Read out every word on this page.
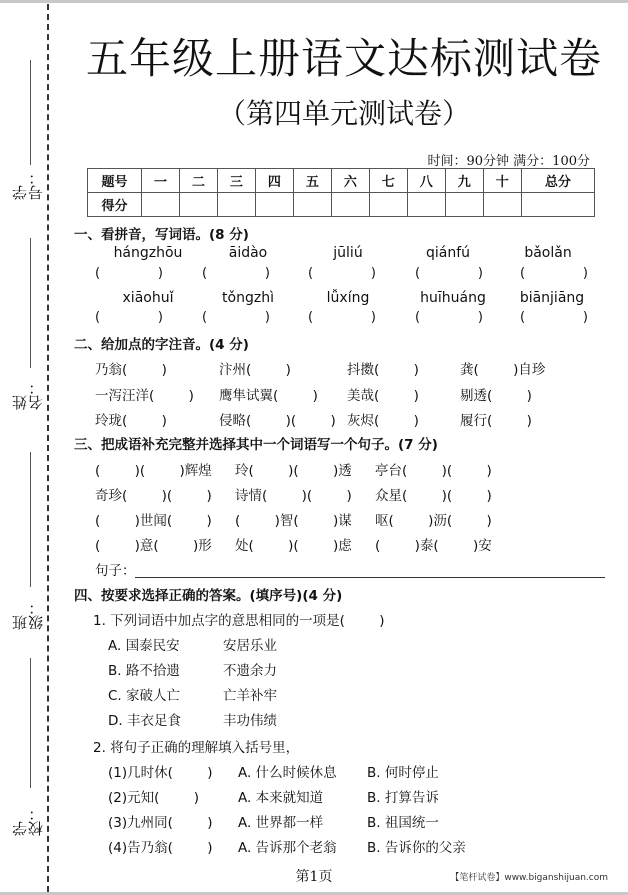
学号：
姓名：
班级：
学校：
五年级上册语文达标测试卷
（第四单元测试卷）
时间：90分钟 满分：100分
题号	一	二	三	四	五	六	七	八	九	十	总分
得分											
一、看拼音，写词语。(8 分)
hángzhōu	āidào	jūliú	qiánfú	bǎolǎn
(              )	(              )	(              )	(              )	(              )
xiāohuǐ	tǒngzhì	lǚxíng	huīhuáng	biānjiāng
(              )	(              )	(              )	(              )	(              )
二、给加点的字注音。(4 分)
乃翁(        )	汴州(        )	抖擞(        )	龚(        )自珍
一泻汪洋(        ) 鹰隼试翼(        ) 美哉(        )	剔透(        )
玲珑(        )	侵略(        )(        ) 灰烬(        )	履行(        )
三、把成语补充完整并选择其中一个词语写一个句子。(7 分)
(        )(        )辉煌 玲(        )(        )透 亭台(        )(        )
奇珍(        )(        ) 诗情(        )(        ) 众星(        )(        )
(        )世闻(        ) (        )智(        )谋 呕(        )沥(        )
(        )意(        )形 处(        )(        )虑 (        )泰(        )安
句子：
四、按要求选择正确的答案。(填序号)(4 分)
1. 下列词语中加点字的意思相同的一项是(        )
A. 国泰民安	安居乐业
B. 路不拾遗	不遗余力
C. 家破人亡	亡羊补牢
D. 丰衣足食	丰功伟绩
2. 将句子正确的理解填入括号里，
(1)几时休(        ) A. 什么时候休息 B. 何时停止
(2)元知(        )	A. 本来就知道	B. 打算告诉
(3)九州同(        ) A. 世界都一样	B. 祖国统一
(4)告乃翁(        ) A. 告诉那个老翁 B. 告诉你的父亲
第1页	【笔杆试卷】www.biganshijuan.com
